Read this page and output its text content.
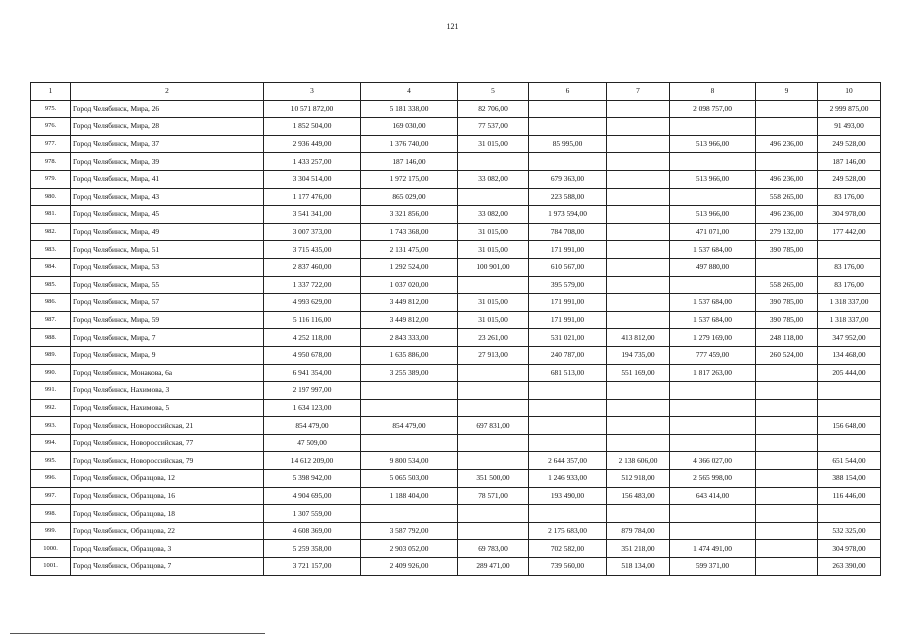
121
1	2	3	4	5	6	7	8	9	10
975.	Город Челябинск, Мира, 26	10 571 872,00	5 181 338,00	82 706,00			2 098 757,00		2 999 875,00
976.	Город Челябинск, Мира, 28	1 852 504,00	169 030,00	77 537,00					91 493,00
977.	Город Челябинск, Мира, 37	2 936 449,00	1 376 740,00	31 015,00	85 995,00		513 966,00	496 236,00	249 528,00
978.	Город Челябинск, Мира, 39	1 433 257,00	187 146,00						187 146,00
979.	Город Челябинск, Мира, 41	3 304 514,00	1 972 175,00	33 082,00	679 363,00		513 966,00	496 236,00	249 528,00
980.	Город Челябинск, Мира, 43	1 177 476,00	865 029,00		223 588,00			558 265,00	83 176,00
981.	Город Челябинск, Мира, 45	3 541 341,00	3 321 856,00	33 082,00	1 973 594,00		513 966,00	496 236,00	304 978,00
982.	Город Челябинск, Мира, 49	3 007 373,00	1 743 368,00	31 015,00	784 708,00		471 071,00	279 132,00	177 442,00
983.	Город Челябинск, Мира, 51	3 715 435,00	2 131 475,00	31 015,00	171 991,00		1 537 684,00	390 785,00	
984.	Город Челябинск, Мира, 53	2 837 460,00	1 292 524,00	100 901,00	610 567,00		497 880,00		83 176,00
985.	Город Челябинск, Мира, 55	1 337 722,00	1 037 020,00		395 579,00			558 265,00	83 176,00
986.	Город Челябинск, Мира, 57	4 993 629,00	3 449 812,00	31 015,00	171 991,00		1 537 684,00	390 785,00	1 318 337,00
987.	Город Челябинск, Мира, 59	5 116 116,00	3 449 812,00	31 015,00	171 991,00		1 537 684,00	390 785,00	1 318 337,00
988.	Город Челябинск, Мира, 7	4 252 118,00	2 843 333,00	23 261,00	531 021,00	413 812,00	1 279 169,00	248 118,00	347 952,00
989.	Город Челябинск, Мира, 9	4 950 678,00	1 635 886,00	27 913,00	240 787,00	194 735,00	777 459,00	260 524,00	134 468,00
990.	Город Челябинск, Монакова, 6а	6 941 354,00	3 255 389,00		681 513,00	551 169,00	1 817 263,00		205 444,00
991.	Город Челябинск, Нахимова, 3	2 197 997,00							
992.	Город Челябинск, Нахимова, 5	1 634 123,00							
993.	Город Челябинск, Новороссийская, 21	854 479,00	854 479,00	697 831,00					156 648,00
994.	Город Челябинск, Новороссийская, 77	47 509,00							
995.	Город Челябинск, Новороссийская, 79	14 612 209,00	9 800 534,00		2 644 357,00	2 138 606,00	4 366 027,00		651 544,00
996.	Город Челябинск, Образцова, 12	5 398 942,00	5 065 503,00	351 500,00	1 246 933,00	512 918,00	2 565 998,00		388 154,00
997.	Город Челябинск, Образцова, 16	4 904 695,00	1 188 404,00	78 571,00	193 490,00	156 483,00	643 414,00		116 446,00
998.	Город Челябинск, Образцова, 18	1 307 559,00							
999.	Город Челябинск, Образцова, 22	4 608 369,00	3 587 792,00		2 175 683,00	879 784,00			532 325,00
1000.	Город Челябинск, Образцова, 3	5 259 358,00	2 903 052,00	69 783,00	702 582,00	351 218,00	1 474 491,00		304 978,00
1001.	Город Челябинск, Образцова, 7	3 721 157,00	2 409 926,00	289 471,00	739 560,00	518 134,00	599 371,00		263 390,00
